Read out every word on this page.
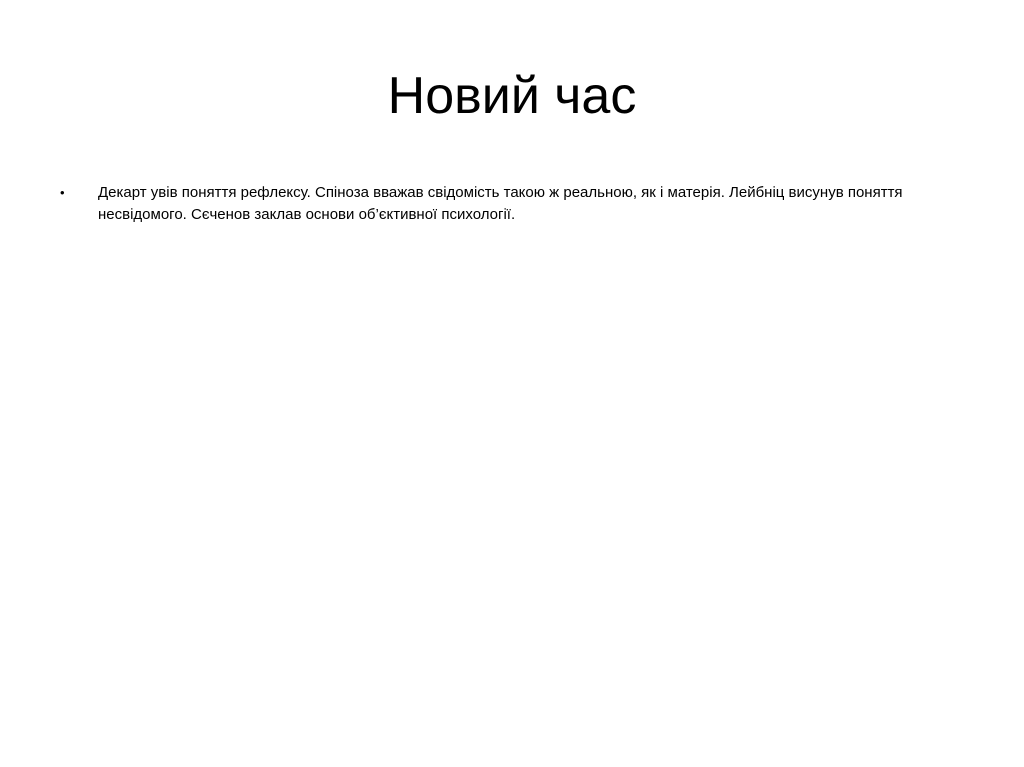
Новий час
• Декарт увів поняття рефлексу. Спіноза вважав свідомість такою ж реальною, як і матерія. Лейбніц висунув поняття несвідомого. Сєченов заклав основи об’єктивної психології.
